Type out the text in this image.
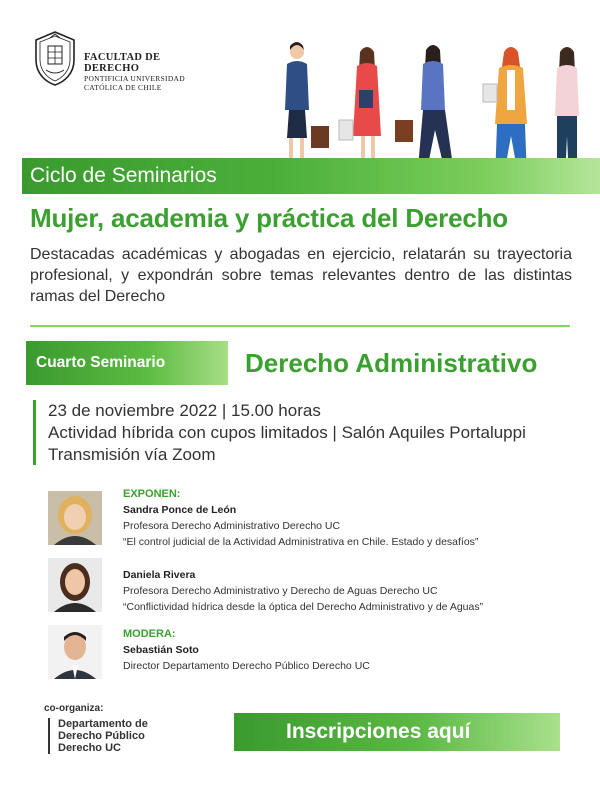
FACULTAD DE DERECHO
PONTIFICIA UNIVERSIDAD
CATÓLICA DE CHILE
Ciclo de Seminarios
Mujer, academia y práctica del Derecho
Destacadas académicas y abogadas en ejercicio, relatarán su trayectoria profesional, y expondrán sobre temas relevantes dentro de las distintas ramas del Derecho
Cuarto Seminario	Derecho Administrativo
23 de noviembre 2022 | 15.00 horas
Actividad híbrida con cupos limitados | Salón Aquiles Portaluppi
Transmisión vía Zoom
EXPONEN:
Sandra Ponce de León
Profesora Derecho Administrativo Derecho UC
“El control judicial de la Actividad Administrativa en Chile. Estado y desafíos”
Daniela Rivera
Profesora Derecho Administrativo y Derecho de Aguas Derecho UC
“Conflictividad hídrica desde la óptica del Derecho Administrativo y de Aguas”
MODERA:
Sebastián Soto
Director Departamento Derecho Público Derecho UC
co-organiza:
Departamento de
Derecho Público
Derecho UC
Inscripciones aquí
